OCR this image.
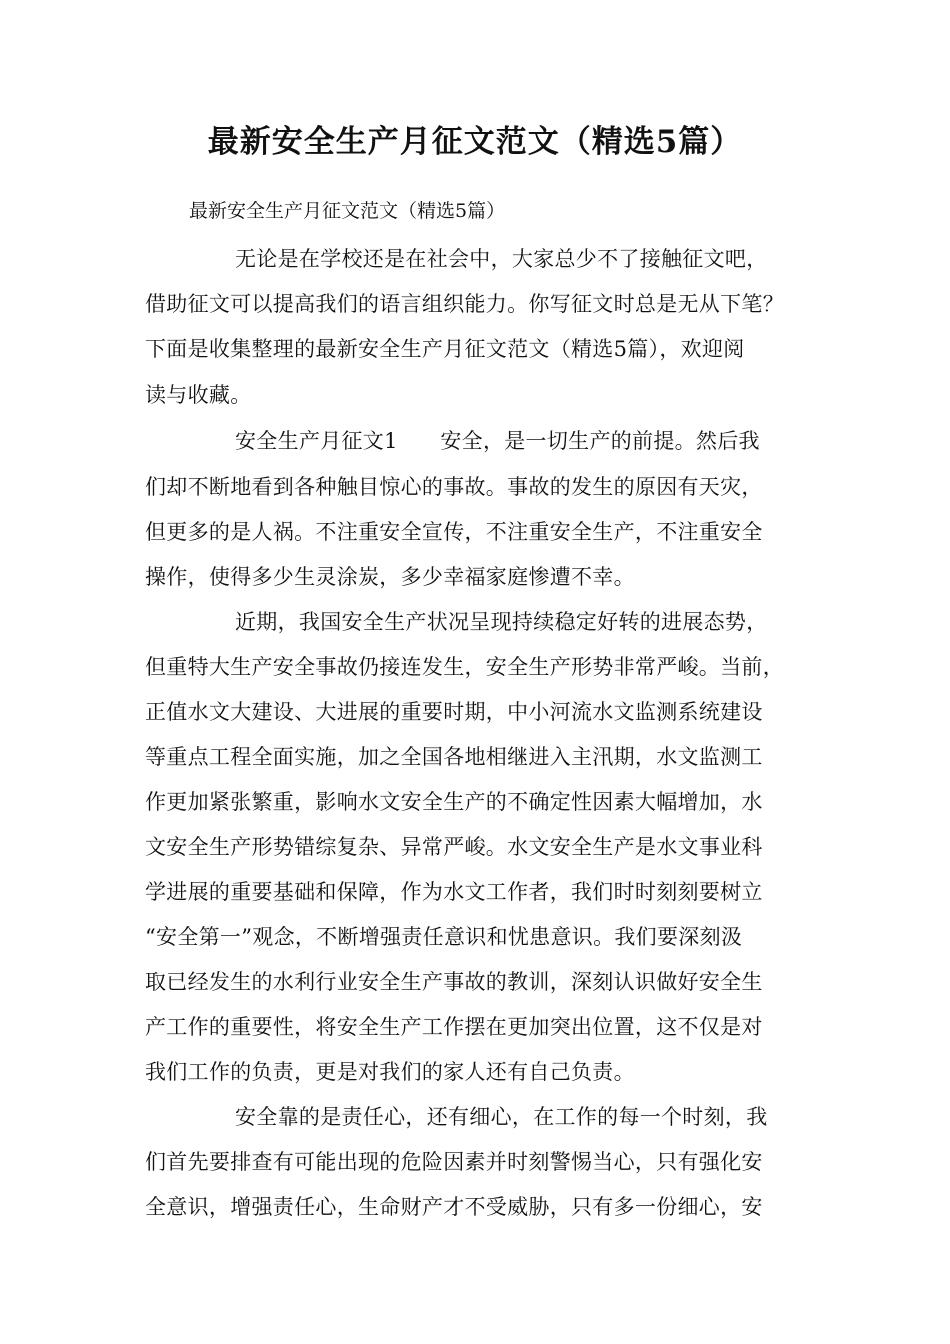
最新安全生产月征文范文（精选5篇）
最新安全生产月征文范文（精选5篇）
无论是在学校还是在社会中，大家总少不了接触征文吧，
借助征文可以提高我们的语言组织能力。你写征文时总是无从下笔？
下面是收集整理的最新安全生产月征文范文（精选5篇），欢迎阅
读与收藏。
安全生产月征文1　　安全，是一切生产的前提。然后我
们却不断地看到各种触目惊心的事故。事故的发生的原因有天灾，
但更多的是人祸。不注重安全宣传，不注重安全生产，不注重安全
操作，使得多少生灵涂炭，多少幸福家庭惨遭不幸。
近期，我国安全生产状况呈现持续稳定好转的进展态势，
但重特大生产安全事故仍接连发生，安全生产形势非常严峻。当前，
正值水文大建设、大进展的重要时期，中小河流水文监测系统建设
等重点工程全面实施，加之全国各地相继进入主汛期，水文监测工
作更加紧张繁重，影响水文安全生产的不确定性因素大幅增加，水
文安全生产形势错综复杂、异常严峻。水文安全生产是水文事业科
学进展的重要基础和保障，作为水文工作者，我们时时刻刻要树立
“安全第一”观念，不断增强责任意识和忧患意识。我们要深刻汲
取已经发生的水利行业安全生产事故的教训，深刻认识做好安全生
产工作的重要性，将安全生产工作摆在更加突出位置，这不仅是对
我们工作的负责，更是对我们的家人还有自己负责。
安全靠的是责任心，还有细心，在工作的每一个时刻，我
们首先要排查有可能出现的危险因素并时刻警惕当心，只有强化安
全意识，增强责任心，生命财产才不受威胁，只有多一份细心，安
